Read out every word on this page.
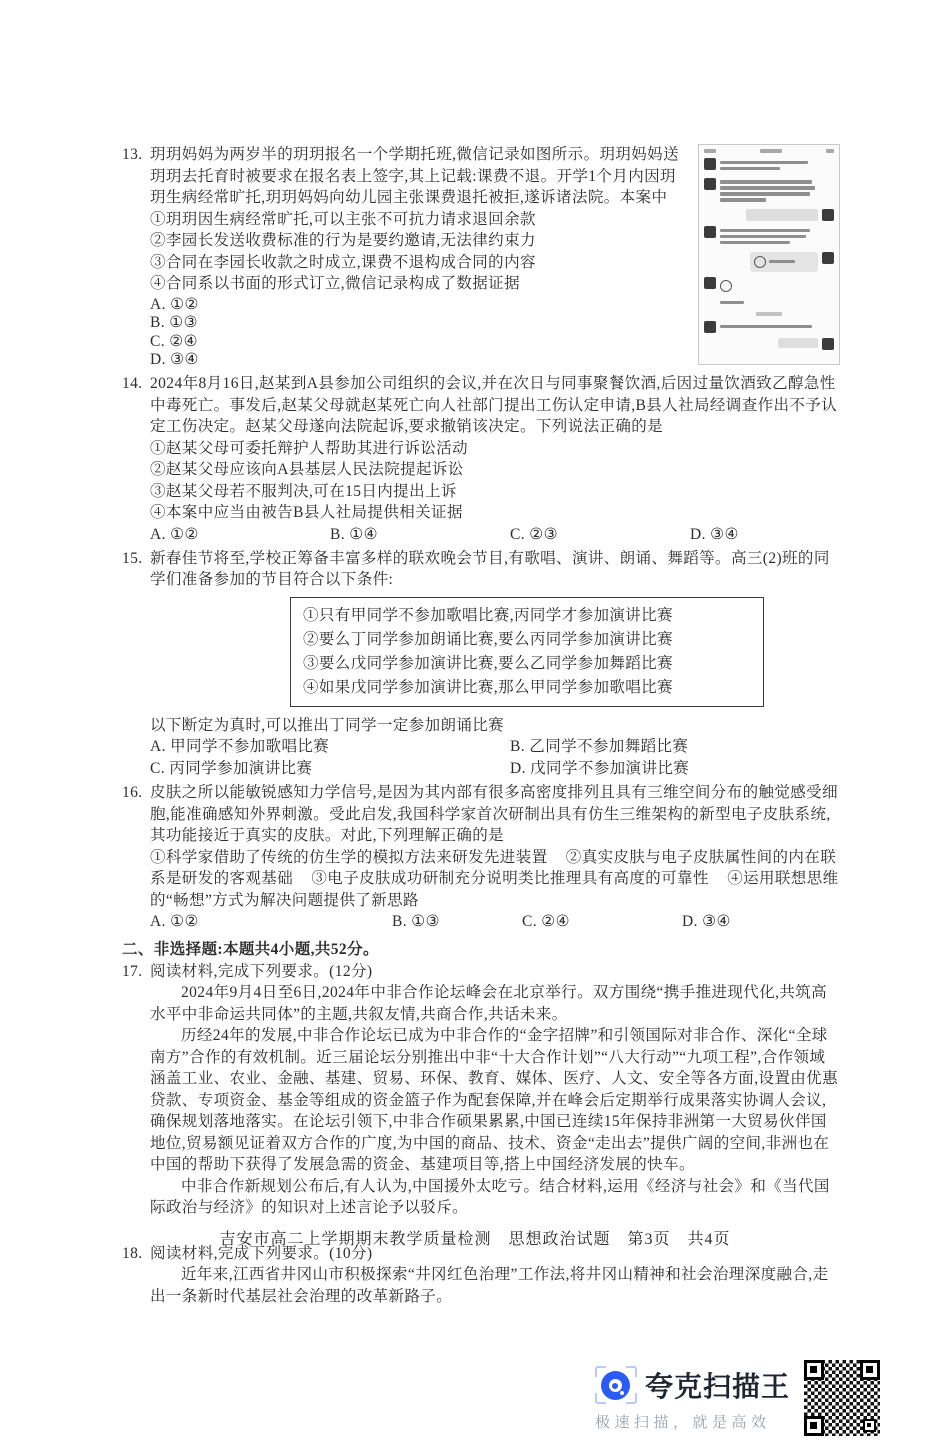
13. 玥玥妈妈为两岁半的玥玥报名一个学期托班,微信记录如图所示。玥玥妈妈送玥玥去托育时被要求在报名表上签字,其上记载:课费不退。开学1个月内因玥玥生病经常旷托,玥玥妈妈向幼儿园主张课费退托被拒,遂诉诸法院。本案中
①玥玥因生病经常旷托,可以主张不可抗力请求退回余款
②李园长发送收费标准的行为是要约邀请,无法律约束力
③合同在李园长收款之时成立,课费不退构成合同的内容
④合同系以书面的形式订立,微信记录构成了数据证据
A. ①②
B. ①③
C. ②④
D. ③④
14. 2024年8月16日,赵某到A县参加公司组织的会议,并在次日与同事聚餐饮酒,后因过量饮酒致乙醇急性中毒死亡。事发后,赵某父母就赵某死亡向人社部门提出工伤认定申请,B县人社局经调查作出不予认定工伤决定。赵某父母遂向法院起诉,要求撤销该决定。下列说法正确的是
①赵某父母可委托辩护人帮助其进行诉讼活动
②赵某父母应该向A县基层人民法院提起诉讼
③赵某父母若不服判决,可在15日内提出上诉
④本案中应当由被告B县人社局提供相关证据
A. ①②	B. ①④	C. ②③	D. ③④
15. 新春佳节将至,学校正筹备丰富多样的联欢晚会节目,有歌唱、演讲、朗诵、舞蹈等。高三(2)班的同学们准备参加的节目符合以下条件:
①只有甲同学不参加歌唱比赛,丙同学才参加演讲比赛
②要么丁同学参加朗诵比赛,要么丙同学参加演讲比赛
③要么戊同学参加演讲比赛,要么乙同学参加舞蹈比赛
④如果戊同学参加演讲比赛,那么甲同学参加歌唱比赛
以下断定为真时,可以推出丁同学一定参加朗诵比赛
A. 甲同学不参加歌唱比赛	B. 乙同学不参加舞蹈比赛
C. 丙同学参加演讲比赛	D. 戊同学不参加演讲比赛
16. 皮肤之所以能敏锐感知力学信号,是因为其内部有很多高密度排列且具有三维空间分布的触觉感受细胞,能准确感知外界刺激。受此启发,我国科学家首次研制出具有仿生三维架构的新型电子皮肤系统,其功能接近于真实的皮肤。对此,下列理解正确的是
①科学家借助了传统的仿生学的模拟方法来研发先进装置 ②真实皮肤与电子皮肤属性间的内在联系是研发的客观基础 ③电子皮肤成功研制充分说明类比推理具有高度的可靠性 ④运用联想思维的“畅想”方式为解决问题提供了新思路
A. ①②	B. ①③	C. ②④	D. ③④
二、非选择题:本题共4小题,共52分。
17. 阅读材料,完成下列要求。(12分)
2024年9月4日至6日,2024年中非合作论坛峰会在北京举行。双方围绕“携手推进现代化,共筑高水平中非命运共同体”的主题,共叙友情,共商合作,共话未来。
历经24年的发展,中非合作论坛已成为中非合作的“金字招牌”和引领国际对非合作、深化“全球南方”合作的有效机制。近三届论坛分别推出中非“十大合作计划”“八大行动”“九项工程”,合作领域涵盖工业、农业、金融、基建、贸易、环保、教育、媒体、医疗、人文、安全等各方面,设置由优惠贷款、专项资金、基金等组成的资金篮子作为配套保障,并在峰会后定期举行成果落实协调人会议,确保规划落地落实。在论坛引领下,中非合作硕果累累,中国已连续15年保持非洲第一大贸易伙伴国地位,贸易额见证着双方合作的广度,为中国的商品、技术、资金“走出去”提供广阔的空间,非洲也在中国的帮助下获得了发展急需的资金、基建项目等,搭上中国经济发展的快车。
中非合作新规划公布后,有人认为,中国援外太吃亏。结合材料,运用《经济与社会》和《当代国际政治与经济》的知识对上述言论予以驳斥。
18. 阅读材料,完成下列要求。(10分)
近年来,江西省井冈山市积极探索“井冈红色治理”工作法,将井冈山精神和社会治理深度融合,走出一条新时代基层社会治理的改革新路子。
吉安市高二上学期期末教学质量检测　思想政治试题　第3页　共4页
夸克扫描王
极速扫描，就是高效
